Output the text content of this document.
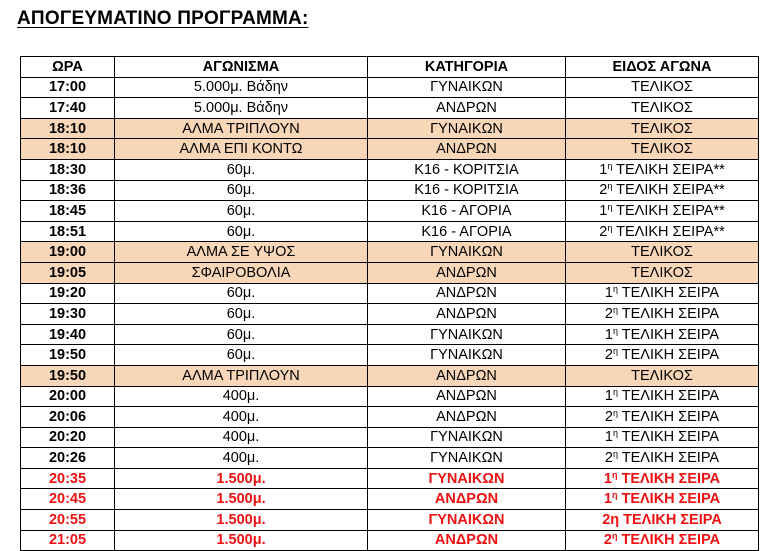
ΑΠΟΓΕΥΜΑΤΙΝΟ ΠΡΟΓΡΑΜΜΑ:
ΩΡΑ	ΑΓΩΝΙΣΜΑ	ΚΑΤΗΓΟΡΙΑ	ΕΙΔΟΣ ΑΓΩΝΑ
17:00	5.000μ. Βάδην	ΓΥΝΑΙΚΩΝ	ΤΕΛΙΚΟΣ
17:40	5.000μ. Βάδην	ΑΝΔΡΩΝ	ΤΕΛΙΚΟΣ
18:10	ΑΛΜΑ ΤΡΙΠΛΟΥΝ	ΓΥΝΑΙΚΩΝ	ΤΕΛΙΚΟΣ
18:10	ΑΛΜΑ ΕΠΙ ΚΟΝΤΩ	ΑΝΔΡΩΝ	ΤΕΛΙΚΟΣ
18:30	60μ.	Κ16 - ΚΟΡΙΤΣΙΑ	$1^\eta$ ΤΕΛΙΚΗ ΣΕΙΡΑ**
18:36	60μ.	Κ16 - ΚΟΡΙΤΣΙΑ	$2^\eta$ ΤΕΛΙΚΗ ΣΕΙΡΑ**
18:45	60μ.	Κ16 - ΑΓΟΡΙΑ	$1^\eta$ ΤΕΛΙΚΗ ΣΕΙΡΑ**
18:51	60μ.	Κ16 - ΑΓΟΡΙΑ	$2^\eta$ ΤΕΛΙΚΗ ΣΕΙΡΑ**
19:00	ΑΛΜΑ ΣΕ ΥΨΟΣ	ΓΥΝΑΙΚΩΝ	ΤΕΛΙΚΟΣ
19:05	ΣΦΑΙΡΟΒΟΛΙΑ	ΑΝΔΡΩΝ	ΤΕΛΙΚΟΣ
19:20	60μ.	ΑΝΔΡΩΝ	$1^\eta$ ΤΕΛΙΚΗ ΣΕΙΡΑ
19:30	60μ.	ΑΝΔΡΩΝ	$2^\eta$ ΤΕΛΙΚΗ ΣΕΙΡΑ
19:40	60μ.	ΓΥΝΑΙΚΩΝ	$1^\eta$ ΤΕΛΙΚΗ ΣΕΙΡΑ
19:50	60μ.	ΓΥΝΑΙΚΩΝ	$2^\eta$ ΤΕΛΙΚΗ ΣΕΙΡΑ
19:50	ΑΛΜΑ ΤΡΙΠΛΟΥΝ	ΑΝΔΡΩΝ	ΤΕΛΙΚΟΣ
20:00	400μ.	ΑΝΔΡΩΝ	$1^\eta$ ΤΕΛΙΚΗ ΣΕΙΡΑ
20:06	400μ.	ΑΝΔΡΩΝ	$2^\eta$ ΤΕΛΙΚΗ ΣΕΙΡΑ
20:20	400μ.	ΓΥΝΑΙΚΩΝ	$1^\eta$ ΤΕΛΙΚΗ ΣΕΙΡΑ
20:26	400μ.	ΓΥΝΑΙΚΩΝ	$2^\eta$ ΤΕΛΙΚΗ ΣΕΙΡΑ
20:35	1.500μ.	ΓΥΝΑΙΚΩΝ	$1^\eta$ ΤΕΛΙΚΗ ΣΕΙΡΑ
20:45	1.500μ.	ΑΝΔΡΩΝ	$1^\eta$ ΤΕΛΙΚΗ ΣΕΙΡΑ
20:55	1.500μ.	ΓΥΝΑΙΚΩΝ	2η ΤΕΛΙΚΗ ΣΕΙΡΑ
21:05	1.500μ.	ΑΝΔΡΩΝ	$2^\eta$ ΤΕΛΙΚΗ ΣΕΙΡΑ
